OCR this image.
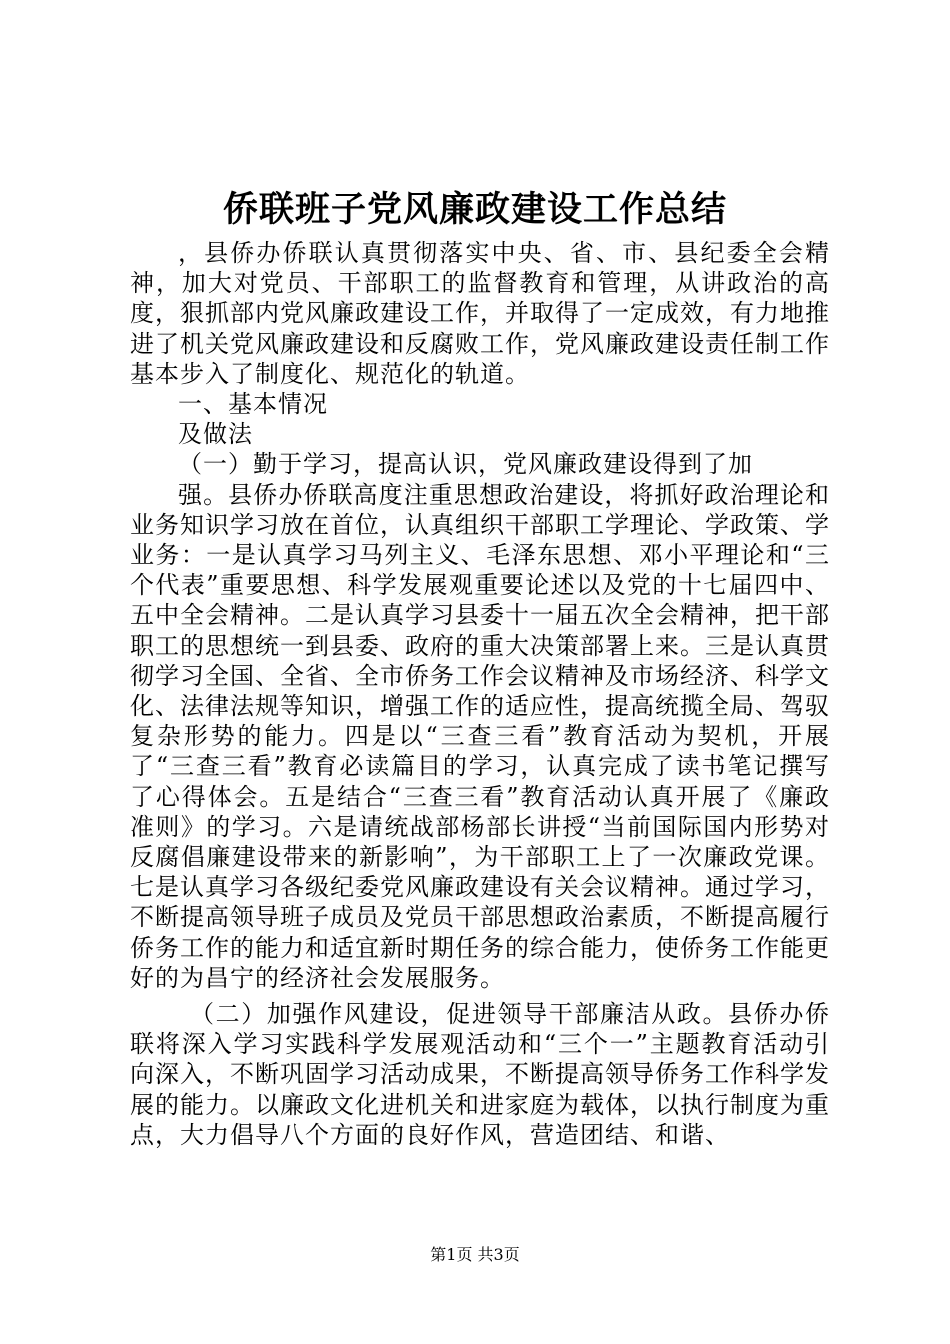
侨联班子党风廉政建设工作总结

，县侨办侨联认真贯彻落实中央、省、市、县纪委全会精神，加大对党员、干部职工的监督教育和管理，从讲政治的高度，狠抓部内党风廉政建设工作，并取得了一定成效，有力地推进了机关党风廉政建设和反腐败工作，党风廉政建设责任制工作基本步入了制度化、规范化的轨道。

一、基本情况

及做法

（一）勤于学习，提高认识，党风廉政建设得到了加

强。县侨办侨联高度注重思想政治建设，将抓好政治理论和业务知识学习放在首位，认真组织干部职工学理论、学政策、学业务：一是认真学习马列主义、毛泽东思想、邓小平理论和“三个代表”重要思想、科学发展观重要论述以及党的十七届四中、五中全会精神。二是认真学习县委十一届五次全会精神，把干部职工的思想统一到县委、政府的重大决策部署上来。三是认真贯彻学习全国、全省、全市侨务工作会议精神及市场经济、科学文化、法律法规等知识，增强工作的适应性，提高统揽全局、驾驭复杂形势的能力。四是以“三查三看”教育活动为契机，开展了“三查三看”教育必读篇目的学习，认真完成了读书笔记撰写了心得体会。五是结合“三查三看”教育活动认真开展了《廉政准则》的学习。六是请统战部杨部长讲授“当前国际国内形势对反腐倡廉建设带来的新影响”，为干部职工上了一次廉政党课。七是认真学习各级纪委党风廉政建设有关会议精神。通过学习，不断提高领导班子成员及党员干部思想政治素质，不断提高履行侨务工作的能力和适宜新时期任务的综合能力，使侨务工作能更好的为昌宁的经济社会发展服务。

（二）加强作风建设，促进领导干部廉洁从政。县侨办侨联将深入学习实践科学发展观活动和“三个一”主题教育活动引向深入，不断巩固学习活动成果，不断提高领导侨务工作科学发展的能力。以廉政文化进机关和进家庭为载体，以执行制度为重点，大力倡导八个方面的良好作风，营造团结、和谐、

第1页 共3页
